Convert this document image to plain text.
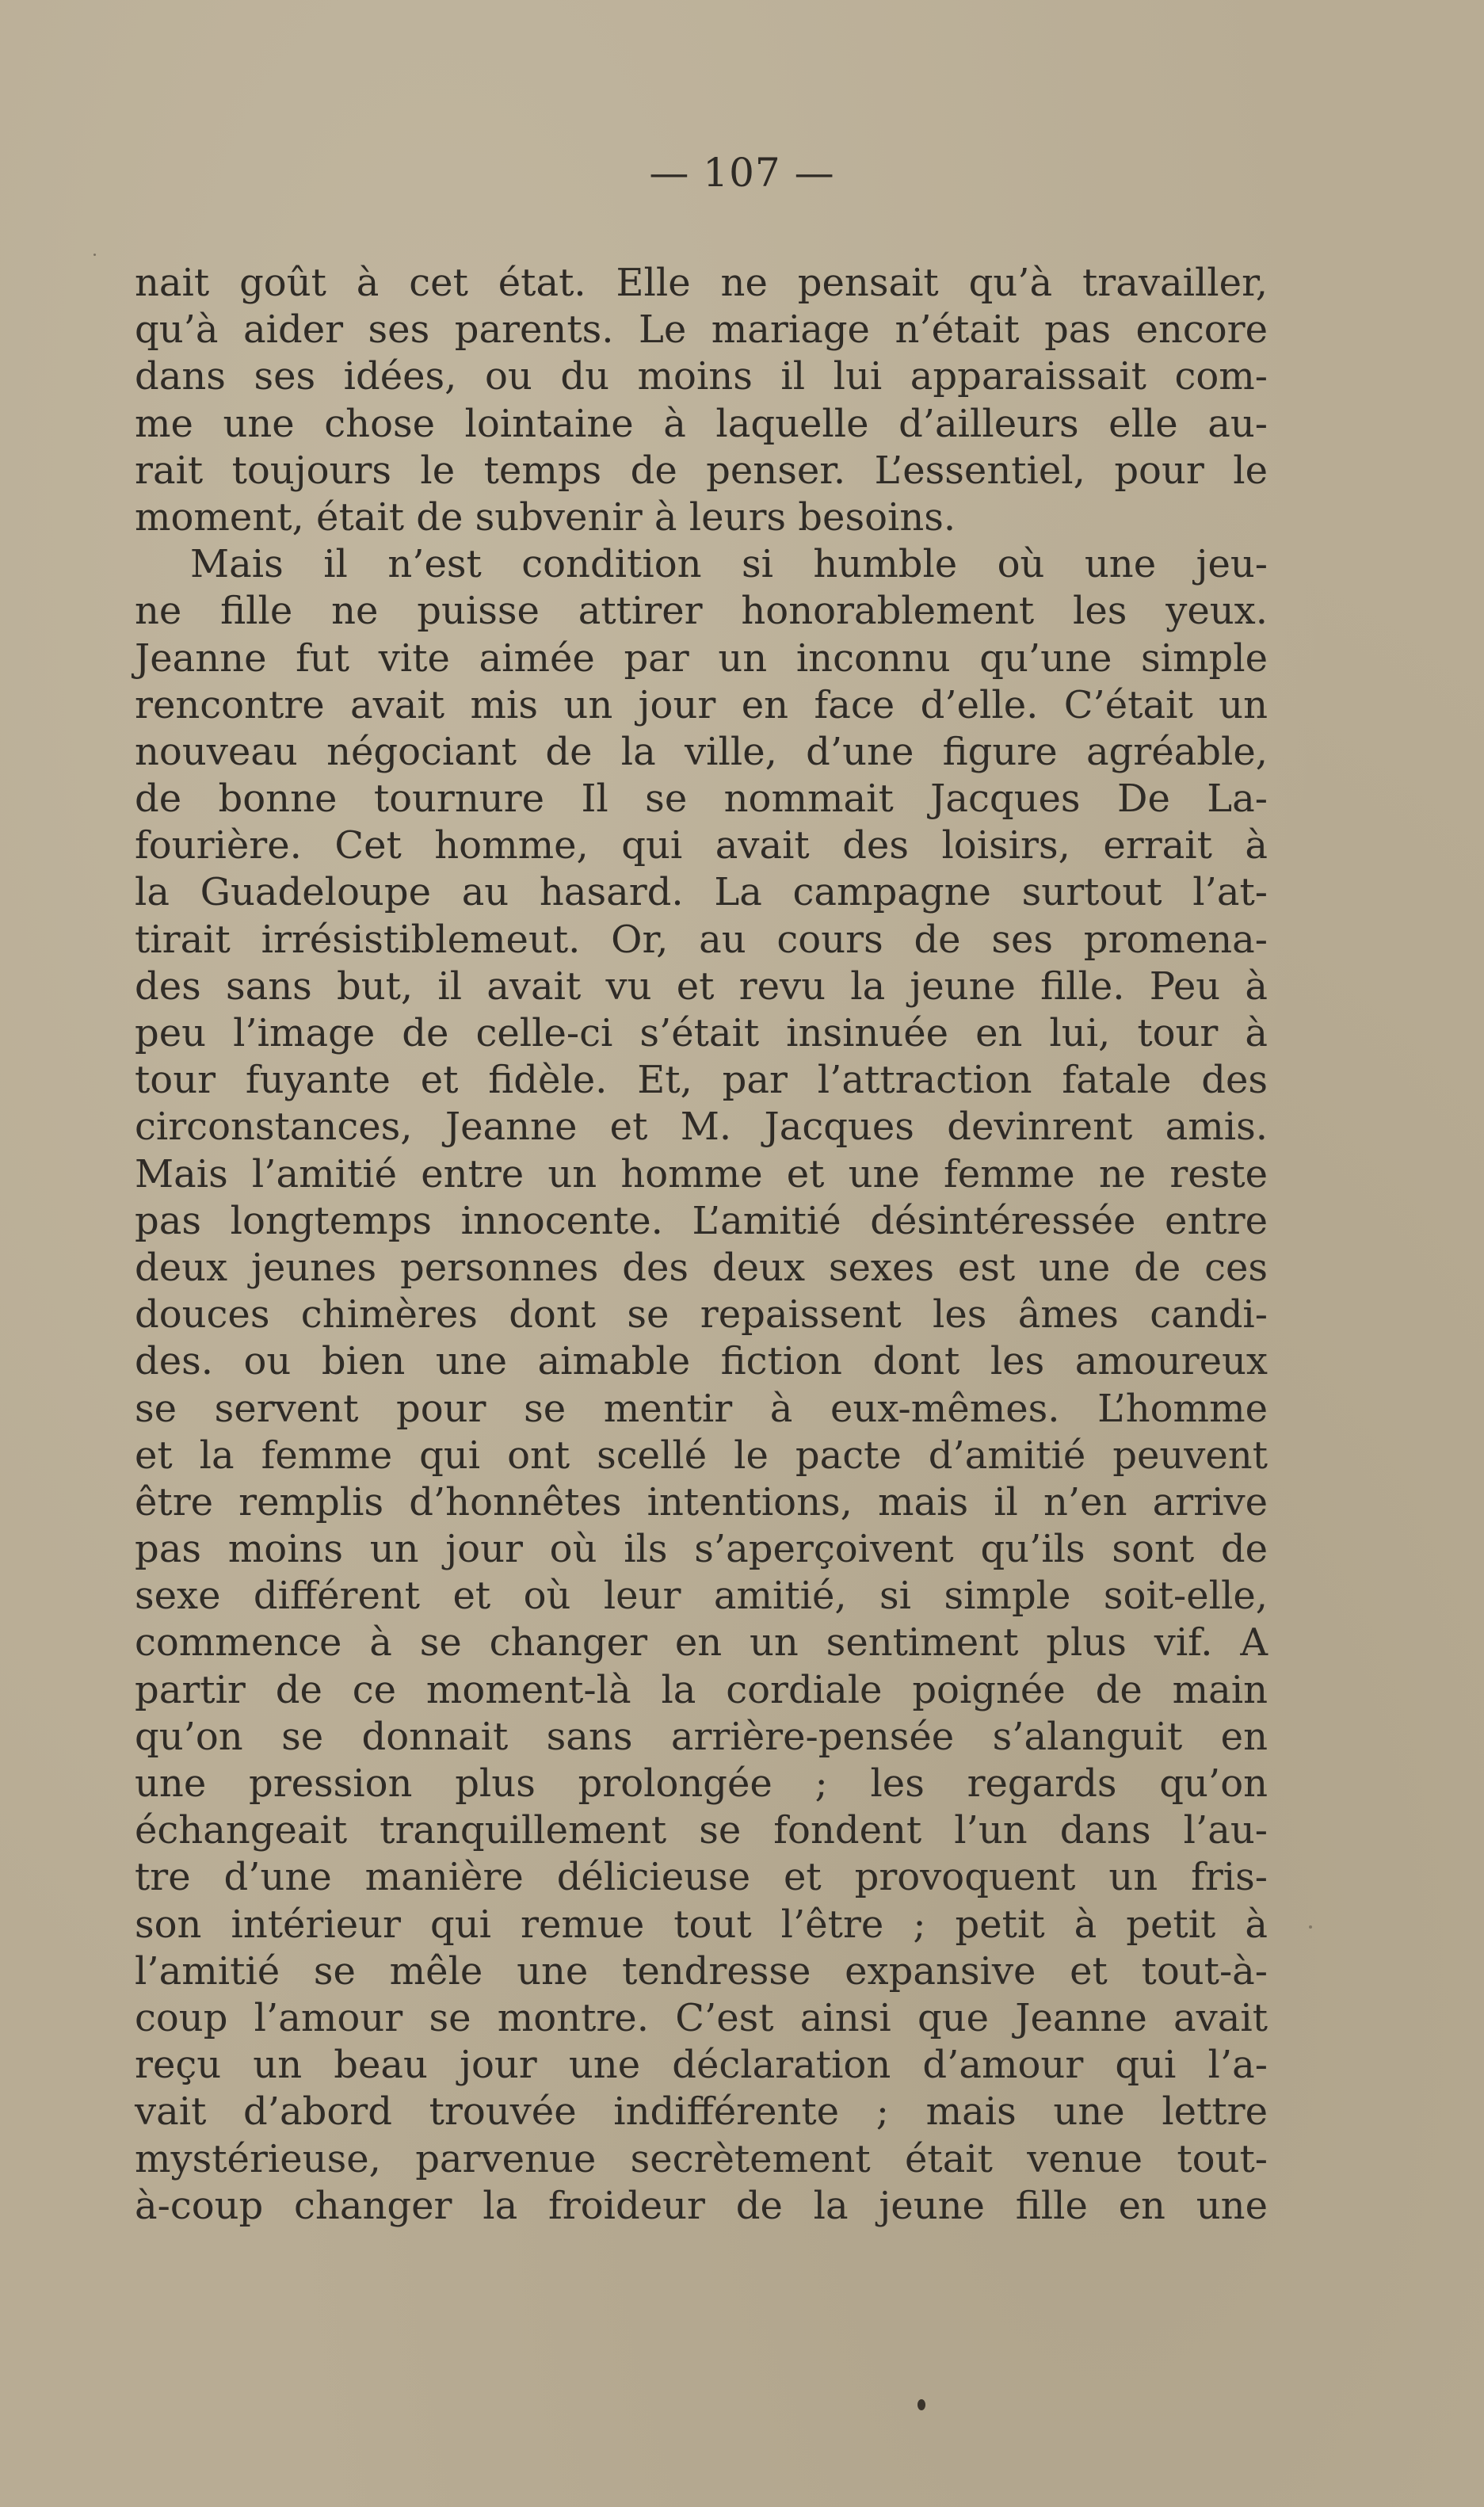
— 107 —
nait goût à cet état. Elle ne pensait qu’à travailler,
qu’à aider ses parents. Le mariage n’était pas encore
dans ses idées, ou du moins il lui apparaissait com-
me une chose lointaine à laquelle d’ailleurs elle au-
rait toujours le temps de penser. L’essentiel, pour le
moment, était de subvenir à leurs besoins.
Mais il n’est condition si humble où une jeu-
ne fille ne puisse attirer honorablement les yeux.
Jeanne fut vite aimée par un inconnu qu’une simple
rencontre avait mis un jour en face d’elle. C’était un
nouveau négociant de la ville, d’une figure agréable,
de bonne tournure Il se nommait Jacques De La-
fourière. Cet homme, qui avait des loisirs, errait à
la Guadeloupe au hasard. La campagne surtout l’at-
tirait irrésistiblemeut. Or, au cours de ses promena-
des sans but, il avait vu et revu la jeune fille. Peu à
peu l’image de celle-ci s’était insinuée en lui, tour à
tour fuyante et fidèle. Et, par l’attraction fatale des
circonstances, Jeanne et M. Jacques devinrent amis.
Mais l’amitié entre un homme et une femme ne reste
pas longtemps innocente. L’amitié désintéressée entre
deux jeunes personnes des deux sexes est une de ces
douces chimères dont se repaissent les âmes candi-
des. ou bien une aimable fiction dont les amoureux
se servent pour se mentir à eux-mêmes. L’homme
et la femme qui ont scellé le pacte d’amitié peuvent
être remplis d’honnêtes intentions, mais il n’en arrive
pas moins un jour où ils s’aperçoivent qu’ils sont de
sexe différent et où leur amitié, si simple soit-elle,
commence à se changer en un sentiment plus vif. A
partir de ce moment-là la cordiale poignée de main
qu’on se donnait sans arrière-pensée s’alanguit en
une pression plus prolongée ; les regards qu’on
échangeait tranquillement se fondent l’un dans l’au-
tre d’une manière délicieuse et provoquent un fris-
son intérieur qui remue tout l’être ; petit à petit à
l’amitié se mêle une tendresse expansive et tout-à-
coup l’amour se montre. C’est ainsi que Jeanne avait
reçu un beau jour une déclaration d’amour qui l’a-
vait d’abord trouvée indifférente ; mais une lettre
mystérieuse, parvenue secrètement était venue tout-
à-coup changer la froideur de la jeune fille en une
